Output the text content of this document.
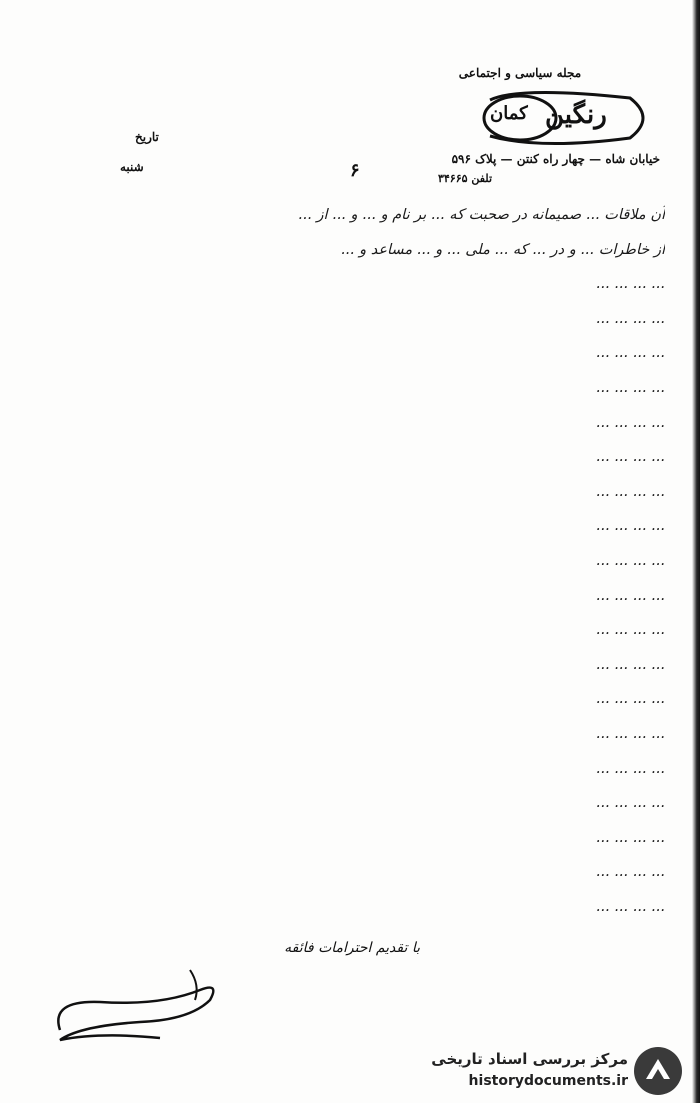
مجله سیاسی و اجتماعی
رنگین
کمان
خیابان شاه — چهار راه کنتن — پلاک ۵۹۶
تلفن ۳۴۶۶۵
تاریخ
شنبه	۶

آن ‌‌ملاقات ... صمیمانه در صحبت که ... بر نام و ... و ... از ...

از خاطرات ... و در ... که ... ملی ... و ... مساعد و ...

... ... ... ...

... ... ... ...

... ... ... ...

... ... ... ...

... ... ... ...

... ... ... ...

... ... ... ...

... ... ... ...

... ... ... ...

... ... ... ...

... ... ... ...

... ... ... ...

... ... ... ...

... ... ... ...

... ... ... ...

... ... ... ...

... ... ... ...

... ... ... ...

... ... ... ...

با تقدیم احترامات فائقه
مرکز بررسی اسناد تاریخی
historydocuments.ir
